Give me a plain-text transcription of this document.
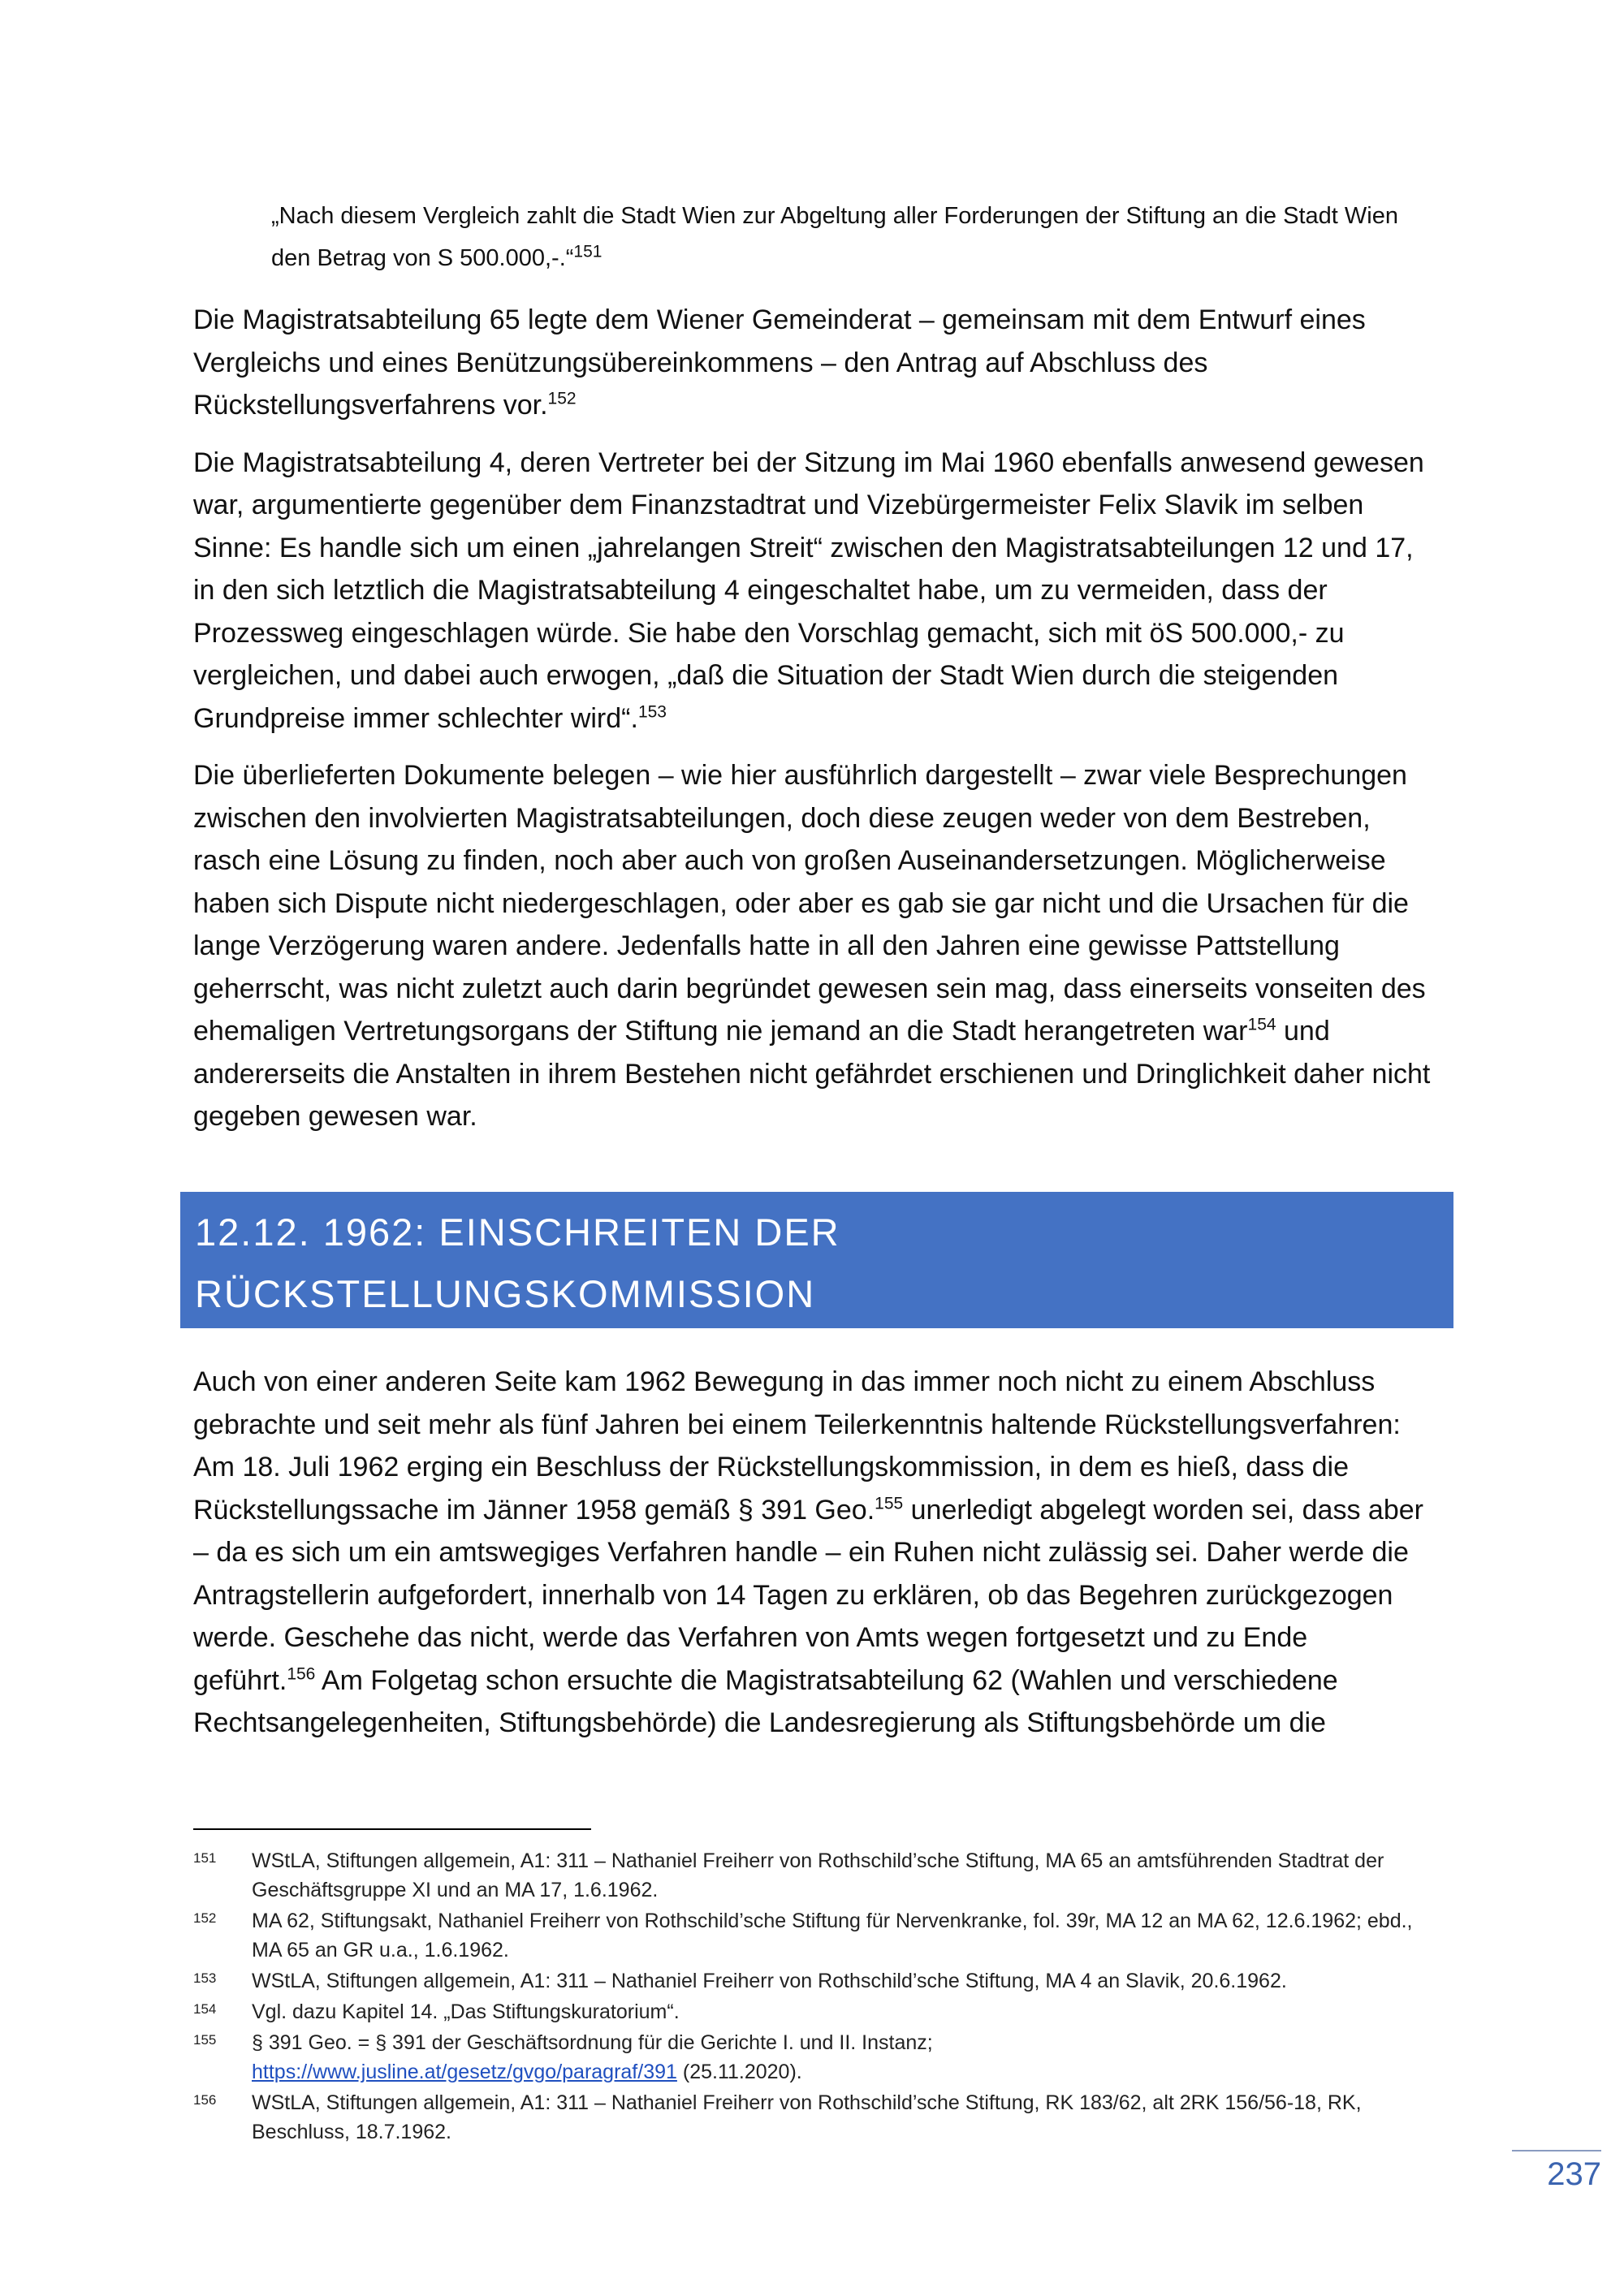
„Nach diesem Vergleich zahlt die Stadt Wien zur Abgeltung aller Forderungen der Stiftung an die Stadt Wien den Betrag von S 500.000,-.“$^{151}$

Die Magistratsabteilung 65 legte dem Wiener Gemeinderat – gemeinsam mit dem Entwurf eines Vergleichs und eines Benützungsübereinkommens – den Antrag auf Abschluss des Rückstellungsverfahrens vor.$^{152}$

Die Magistratsabteilung 4, deren Vertreter bei der Sitzung im Mai 1960 ebenfalls anwesend gewesen war, argumentierte gegenüber dem Finanzstadtrat und Vizebürgermeister Felix Slavik im selben Sinne: Es handle sich um einen „jahrelangen Streit“ zwischen den Magistratsabteilungen 12 und 17, in den sich letztlich die Magistratsabteilung 4 eingeschaltet habe, um zu vermeiden, dass der Prozessweg eingeschlagen würde. Sie habe den Vorschlag gemacht, sich mit öS 500.000,- zu vergleichen, und dabei auch erwogen, „daß die Situation der Stadt Wien durch die steigenden Grundpreise immer schlechter wird“.$^{153}$

Die überlieferten Dokumente belegen – wie hier ausführlich dargestellt – zwar viele Besprechungen zwischen den involvierten Magistratsabteilungen, doch diese zeugen weder von dem Bestreben, rasch eine Lösung zu finden, noch aber auch von großen Auseinandersetzungen. Möglicherweise haben sich Dispute nicht niedergeschlagen, oder aber es gab sie gar nicht und die Ursachen für die lange Verzögerung waren andere. Jedenfalls hatte in all den Jahren eine gewisse Pattstellung geherrscht, was nicht zuletzt auch darin begründet gewesen sein mag, dass einerseits vonseiten des ehemaligen Vertretungsorgans der Stiftung nie jemand an die Stadt herangetreten war$^{154}$ und andererseits die Anstalten in ihrem Bestehen nicht gefährdet erschienen und Dringlichkeit daher nicht gegeben gewesen war.

12.12. 1962: EINSCHREITEN DER RÜCKSTELLUNGSKOMMISSION
UND ABSCHLUSS DES VERGLEICHS

Auch von einer anderen Seite kam 1962 Bewegung in das immer noch nicht zu einem Abschluss gebrachte und seit mehr als fünf Jahren bei einem Teilerkenntnis haltende Rückstellungsverfahren: Am 18. Juli 1962 erging ein Beschluss der Rückstellungskommission, in dem es hieß, dass die Rückstellungssache im Jänner 1958 gemäß § 391 Geo.$^{155}$ unerledigt abgelegt worden sei, dass aber – da es sich um ein amtswegiges Verfahren handle – ein Ruhen nicht zulässig sei. Daher werde die Antragstellerin aufgefordert, innerhalb von 14 Tagen zu erklären, ob das Begehren zurückgezogen werde. Geschehe das nicht, werde das Verfahren von Amts wegen fortgesetzt und zu Ende geführt.$^{156}$ Am Folgetag schon ersuchte die Magistratsabteilung 62 (Wahlen und verschiedene Rechtsangelegenheiten, Stiftungsbehörde) die Landesregierung als Stiftungsbehörde um die

151	WStLA, Stiftungen allgemein, A1: 311 – Nathaniel Freiherr von Rothschild’sche Stiftung, MA 65 an amtsführenden Stadtrat der Geschäftsgruppe XI und an MA 17, 1.6.1962.
152	MA 62, Stiftungsakt, Nathaniel Freiherr von Rothschild’sche Stiftung für Nervenkranke, fol. 39r, MA 12 an MA 62, 12.6.1962; ebd., MA 65 an GR u.a., 1.6.1962.
153	WStLA, Stiftungen allgemein, A1: 311 – Nathaniel Freiherr von Rothschild’sche Stiftung, MA 4 an Slavik, 20.6.1962.
154	Vgl. dazu Kapitel 14. „Das Stiftungskuratorium“.
155	§ 391 Geo. = § 391 der Geschäftsordnung für die Gerichte I. und II. Instanz;
https://www.jusline.at/gesetz/gvgo/paragraf/391 (25.11.2020).
156	WStLA, Stiftungen allgemein, A1: 311 – Nathaniel Freiherr von Rothschild’sche Stiftung, RK 183/62, alt 2RK 156/56-18, RK, Beschluss, 18.7.1962.
237
